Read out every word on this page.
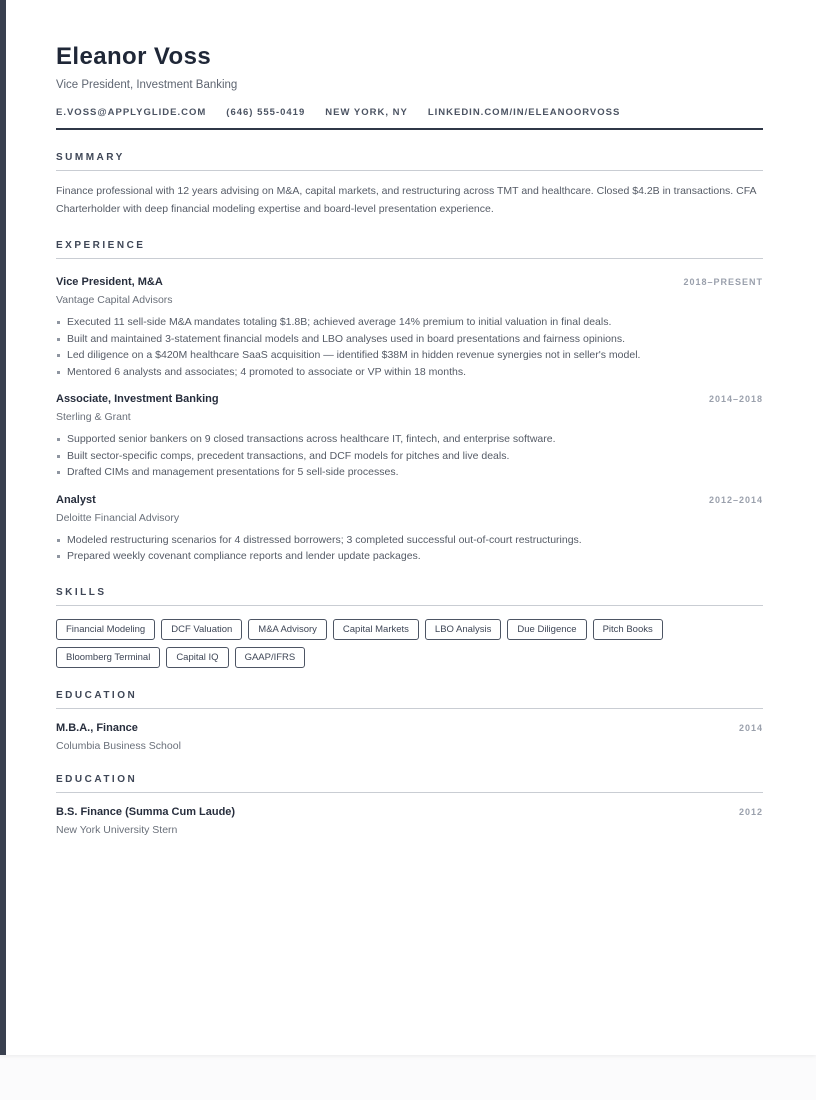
Eleanor Voss
Vice President, Investment Banking
E.VOSS@APPLYGLIDE.COM (646) 555-0419 NEW YORK, NY LINKEDIN.COM/IN/ELEANOORVOSS
SUMMARY

Finance professional with 12 years advising on M&A, capital markets, and restructuring across TMT and healthcare. Closed $4.2B in transactions. CFA Charterholder with deep financial modeling expertise and board-level presentation experience.

EXPERIENCE
Vice President, M&A	2018–PRESENT
Vantage Capital Advisors
Executed 11 sell-side M&A mandates totaling $1.8B; achieved average 14% premium to initial valuation in final deals.
Built and maintained 3-statement financial models and LBO analyses used in board presentations and fairness opinions.
Led diligence on a $420M healthcare SaaS acquisition — identified $38M in hidden revenue synergies not in seller's model.
Mentored 6 analysts and associates; 4 promoted to associate or VP within 18 months.
Associate, Investment Banking	2014–2018
Sterling & Grant
Supported senior bankers on 9 closed transactions across healthcare IT, fintech, and enterprise software.
Built sector-specific comps, precedent transactions, and DCF models for pitches and live deals.
Drafted CIMs and management presentations for 5 sell-side processes.
Analyst	2012–2014
Deloitte Financial Advisory
Modeled restructuring scenarios for 4 distressed borrowers; 3 completed successful out-of-court restructurings.
Prepared weekly covenant compliance reports and lender update packages.
SKILLS
Financial Modeling	DCF Valuation	M&A Advisory	Capital Markets	LBO Analysis	Due Diligence	Pitch Books
Bloomberg Terminal	Capital IQ	GAAP/IFRS
EDUCATION
M.B.A., Finance	2014
Columbia Business School
EDUCATION
B.S. Finance (Summa Cum Laude)	2012
New York University Stern
